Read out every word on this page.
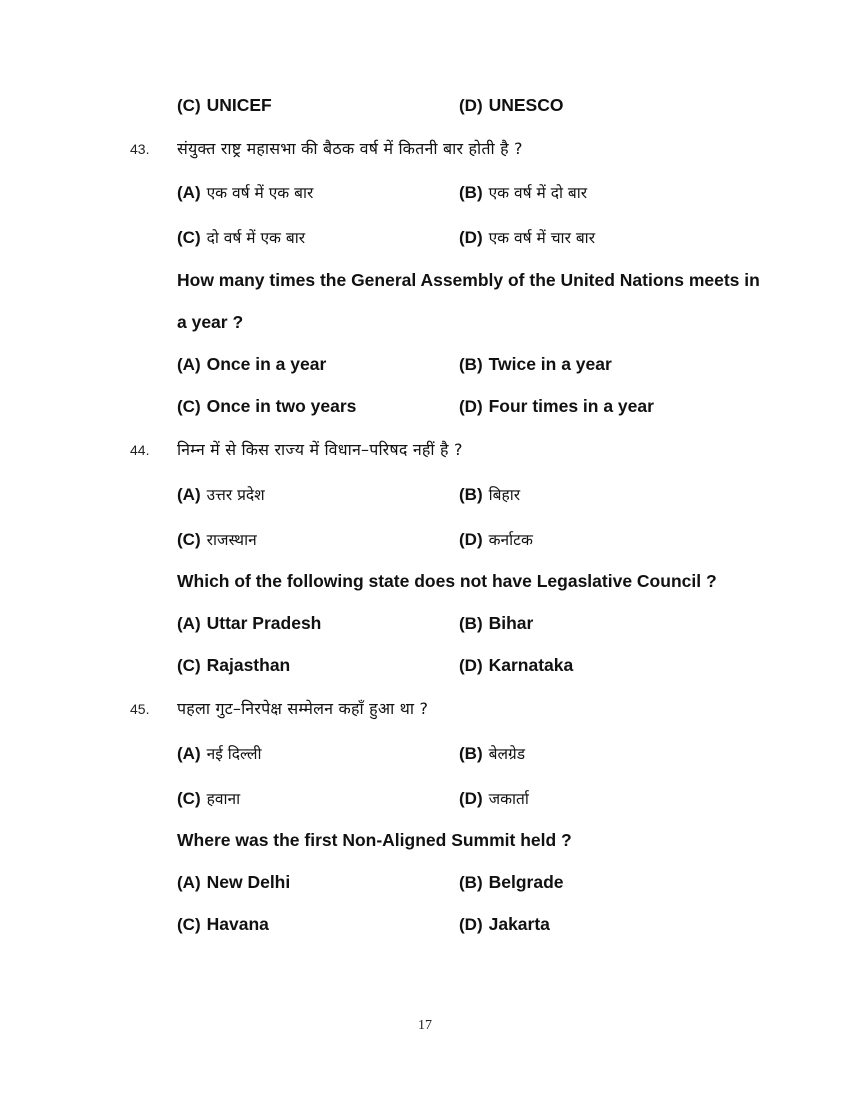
(C) UNICEF	(D) UNESCO
43. संयुक्त राष्ट्र महासभा की बैठक वर्ष में कितनी बार होती है ?
(A) एक वर्ष में एक बार	(B) एक वर्ष में दो बार
(C) दो वर्ष में एक बार	(D) एक वर्ष में चार बार
How many times the General Assembly of the United Nations meets in
a year ?
(A) Once in a year	(B) Twice in a year
(C) Once in two years	(D) Four times in a year
44. निम्न में से किस राज्य में विधान–परिषद नहीं है ?
(A) उत्तर प्रदेश	(B) बिहार
(C) राजस्थान	(D) कर्नाटक
Which of the following state does not have Legaslative Council ?
(A) Uttar Pradesh	(B) Bihar
(C) Rajasthan	(D) Karnataka
45. पहला गुट–निरपेक्ष सम्मेलन कहाँ हुआ था ?
(A) नई दिल्ली	(B) बेलग्रेड
(C) हवाना	(D) जकार्ता
Where was the first Non-Aligned Summit held ?
(A) New Delhi	(B) Belgrade
(C) Havana	(D) Jakarta
17
